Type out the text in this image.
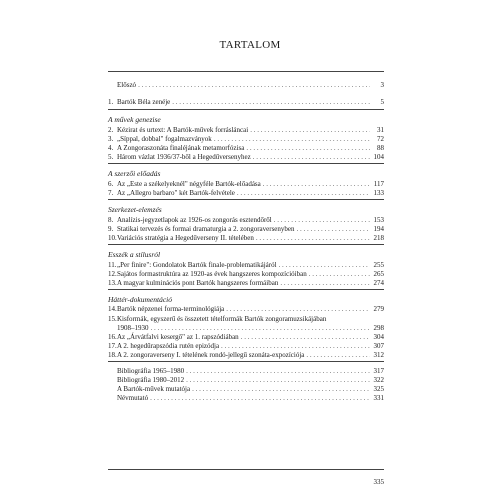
TARTALOM
Előszó . . .	3
1. Bartók Béla zenéje . . .	5
A művek genezise
2. Kézirat és urtext: A Bartók-művek forrásláncai . . .	31
3. „Síppal, dobbal" fogalmazványok . . .	72
4. A Zongoraszonáta finaléjának metamorfózisa . . .	88
5. Három vázlat 1936/37-ből a Hegedűversenyhez . . .	104
A szerzői előadás
6. Az „Este a székelyeknél" négyféle Bartók-előadása . . .	117
7. Az „Allegro barbaro" két Bartók-felvétele . . .	133
Szerkezet-elemzés
8. Analízis-jegyzetlapok az 1926-os zongorás esztendőről . . .	153
9. Statikai tervezés és formai dramaturgia a 2. zongoraversenyben . . .	194
10. Variációs stratégia a Hegedűverseny II. tételében . . .	218
Esszék a stílusról
11. „Per finire": Gondolatok Bartók finale-problematikájáról . . .	255
12. Sajátos formastruktúra az 1920-as évek hangszeres kompozícióiban . . .	265
13. A magyar kulminációs pont Bartók hangszeres formáiban . . .	274
Háttér-dokumentáció
14. Bartók népzenei forma-terminológiája . . .	279
15. Kisformák, egyszerű és összetett tételformák Bartók zongoramuzsikájában
1908–1930 . . .	298
16. Az „Árvátfalvi kesergő" az 1. rapszódiában . . .	304
17. A 2. hegedűrapszódia rutén epizódja . . .	307
18. A 2. zongoraverseny I. tételének rondó-jellegű szonáta-expozíciója . . .	312
Bibliográfia 1965–1980 . . .	317
Bibliográfia 1980–2012 . . .	322
A Bartók-művek mutatója . . .	325
Névmutató . . .	331
335
